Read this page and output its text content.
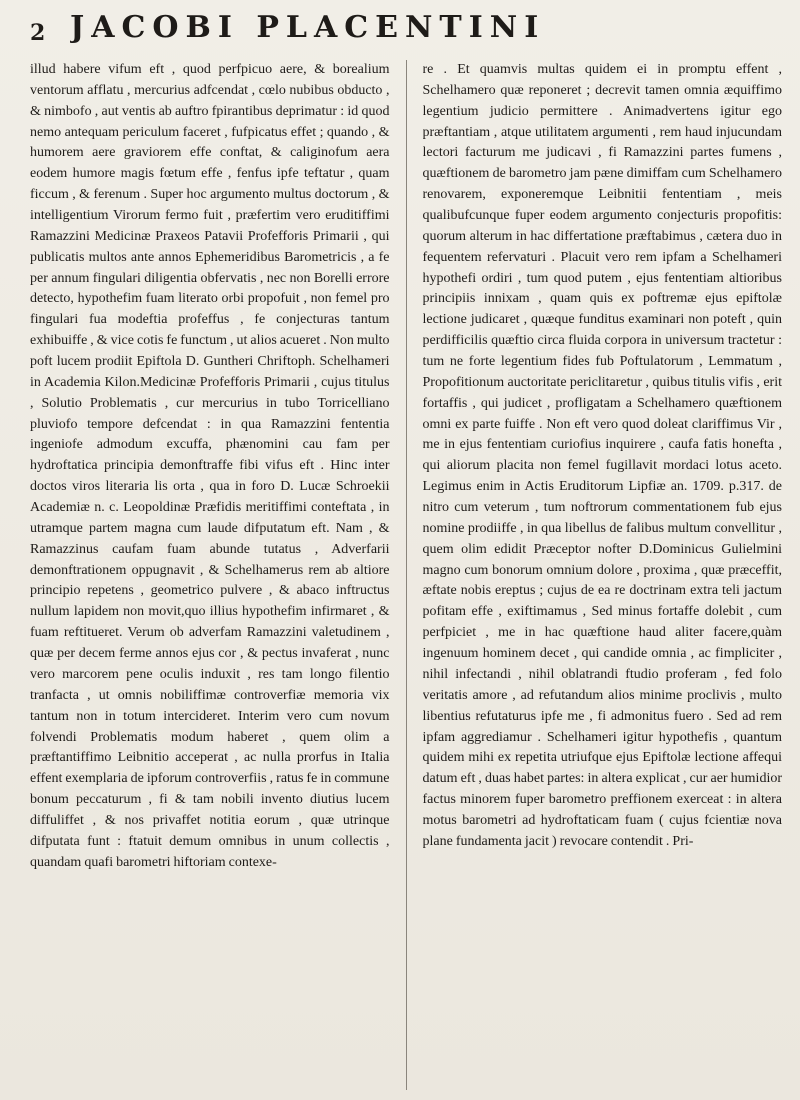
2 JACOBI PLACENTINI
illud habere vifum eft , quod perfpicuo aere, & borealium ventorum afflatu , mercurius adfcendat , cœlo nubibus obducto , & nimbofo , aut ventis ab auftro fpirantibus deprimatur : id quod nemo antequam periculum faceret , fufpicatus effet ; quando , & humorem aere graviorem effe conftat, & caliginofum aera eodem humore magis fœtum effe , fenfus ipfe teftatur , quam ficcum , & ferenum . Super hoc argumento multus doctorum , & intelligentium Virorum fermo fuit , præfertim vero eruditiffimi Ramazzini Medicinæ Praxeos Patavii Profefforis Primarii , qui publicatis multos ante annos Ephemeridibus Barometricis , a fe per annum fingulari diligentia obfervatis , nec non Borelli errore detecto, hypothefim fuam literato orbi propofuit , non femel pro fingulari fua modeftia profeffus , fe conjecturas tantum exhibuiffe , & vice cotis fe functum , ut alios acueret . Non multo poft lucem prodiit Epiftola D. Guntheri Chriftoph. Schelhameri in Academia Kilon.Medicinæ Profefforis Primarii , cujus titulus , Solutio Problematis , cur mercurius in tubo Torricelliano pluviofo tempore defcendat : in qua Ramazzini fententia ingeniofe admodum excuffa, phænomini cau fam per hydroftatica principia demonftraffe fibi vifus eft . Hinc inter doctos viros literaria lis orta , qua in foro D. Lucæ Schroekii Academiæ n. c. Leopoldinæ Præfidis meritiffimi conteftata , in utramque partem magna cum laude difputatum eft. Nam , & Ramazzinus caufam fuam abunde tutatus , Adverfarii demonftrationem oppugnavit , & Schelhamerus rem ab altiore principio repetens , geometrico pulvere , & abaco inftructus nullum lapidem non movit,quo illius hypothefim infirmaret , & fuam reftitueret. Verum ob adverfam Ramazzini valetudinem , quæ per decem ferme annos ejus cor , & pectus invaferat , nunc vero marcorem pene oculis induxit , res tam longo filentio tranfacta , ut omnis nobiliffimæ controverfiæ memoria vix tantum non in totum intercideret. Interim vero cum novum folvendi Problematis modum haberet , quem olim a præftantiffimo Leibnitio acceperat , ac nulla prorfus in Italia effent exemplaria de ipforum controverfiis , ratus fe in commune bonum peccaturum , fi & tam nobili invento diutius lucem diffuliffet , & nos privaffet notitia eorum , quæ utrinque difputata funt : ftatuit demum omnibus in unum collectis , quandam quafi barometri hiftoriam contexe-
re . Et quamvis multas quidem ei in promptu effent , Schelhamero quæ reponeret ; decrevit tamen omnia æquiffimo legentium judicio permittere . Animadvertens igitur ego præftantiam , atque utilitatem argumenti , rem haud injucundam lectori facturum me judicavi , fi Ramazzini partes fumens , quæftionem de barometro jam pæne dimiffam cum Schelhamero renovarem, exponeremque Leibnitii fententiam , meis qualibufcunque fuper eodem argumento conjecturis propofitis: quorum alterum in hac differtatione præftabimus , cætera duo in fequentem refervaturi . Placuit vero rem ipfam a Schelhameri hypothefi ordiri , tum quod putem , ejus fententiam altioribus principiis innixam , quam quis ex poftremæ ejus epiftolæ lectione judicaret , quæque funditus examinari non poteft , quin perdifficilis quæftio circa fluida corpora in universum tractetur : tum ne forte legentium fides fub Poftulatorum , Lemmatum , Propofitionum auctoritate periclitaretur , quibus titulis vifis , erit fortaffis , qui judicet , profligatam a Schelhamero quæftionem omni ex parte fuiffe . Non eft vero quod doleat clariffimus Vir , me in ejus fententiam curiofius inquirere , caufa fatis honefta , qui aliorum placita non femel fugillavit mordaci lotus aceto. Legimus enim in Actis Eruditorum Lipfiæ an. 1709. p.317. de nitro cum veterum , tum noftrorum commentationem fub ejus nomine prodiiffe , in qua libellus de falibus multum convellitur , quem olim edidit Præceptor nofter D.Dominicus Gulielmini magno cum bonorum omnium dolore , proxima , quæ præceffit, æftate nobis ereptus ; cujus de ea re doctrinam extra teli jactum pofitam effe , exiftimamus , Sed minus fortaffe dolebit , cum perfpiciet , me in hac quæftione haud aliter facere,quàm ingenuum hominem decet , qui candide omnia , ac fimpliciter , nihil infectandi , nihil oblatrandi ftudio proferam , fed folo veritatis amore , ad refutandum alios minime proclivis , multo libentius refutaturus ipfe me , fi admonitus fuero . Sed ad rem ipfam aggrediamur . Schelhameri igitur hypothefis , quantum quidem mihi ex repetita utriufque ejus Epiftolæ lectione affequi datum eft , duas habet partes: in altera explicat , cur aer humidior factus minorem fuper barometro preffionem exerceat : in altera motus barometri ad hydroftaticam fuam ( cujus fcientiæ nova plane fundamenta jacit ) revocare contendit . Pri-
